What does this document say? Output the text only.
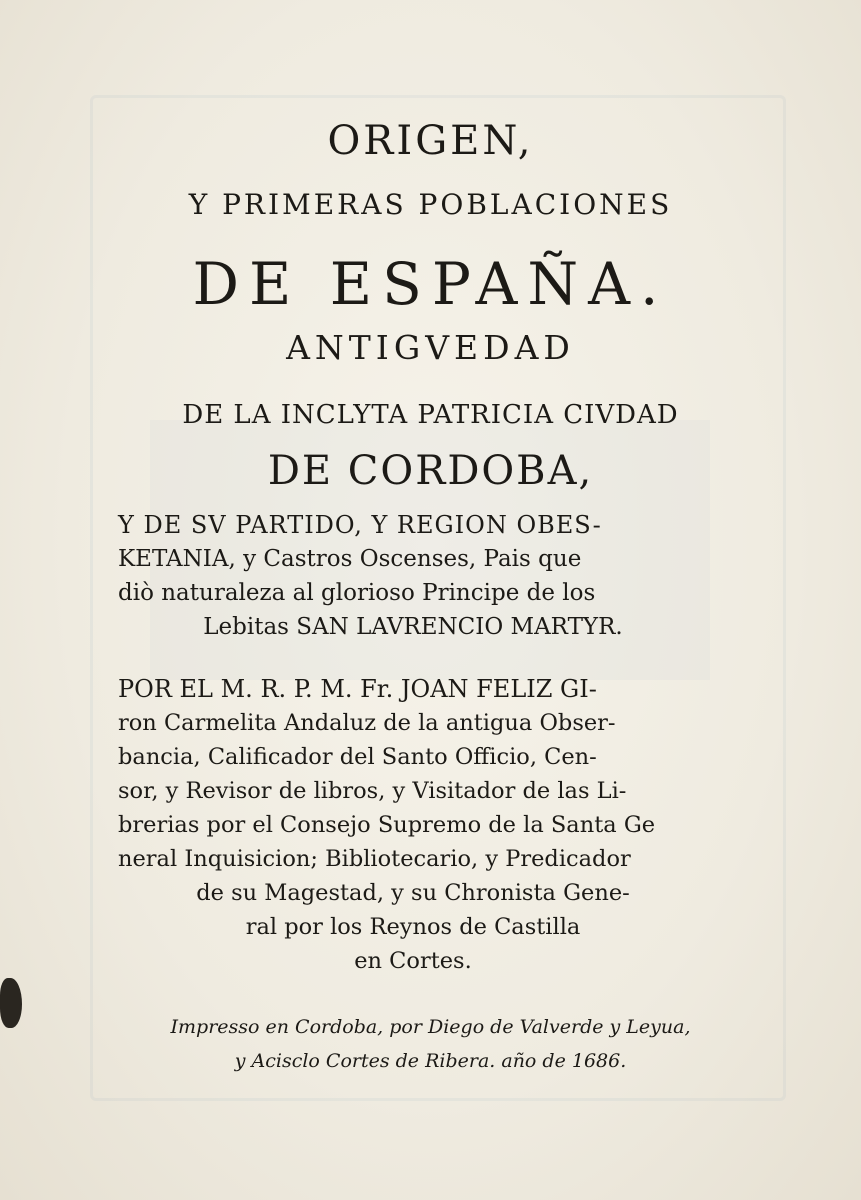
ORIGEN,
Y PRIMERAS POBLACIONES
DE ESPAÑA.
ANTIGVEDAD
DE LA INCLYTA PATRICIA CIVDAD
DE CORDOBA,
Y DE SV PARTIDO, Y REGION OBES-
KETANIA, y Castros Oscenses, Pais que
diò naturaleza al glorioso Principe de los
Lebitas SAN LAVRENCIO MARTYR.
POR EL M. R. P. M. Fr. JOAN FELIZ GI-
ron Carmelita Andaluz de la antigua Obser-
bancia, Calificador del Santo Officio, Cen-
sor, y Revisor de libros, y Visitador de las Li-
brerias por el Consejo Supremo de la Santa Ge
neral Inquisicion; Bibliotecario, y Predicador
de su Magestad, y su Chronista Gene-
ral por los Reynos de Castilla
en Cortes.
Impresso en Cordoba, por Diego de Valverde y Leyua,
y Acisclo Cortes de Ribera. año de 1686.
